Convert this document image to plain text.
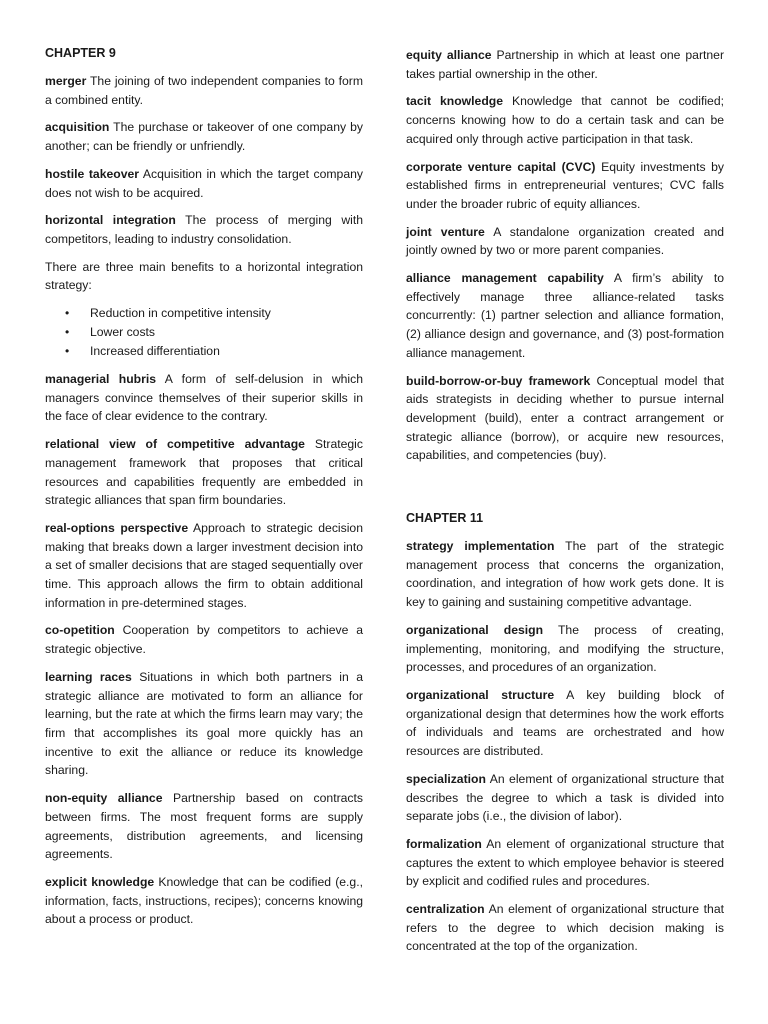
CHAPTER 9

merger The joining of two independent companies to form a combined entity.

acquisition The purchase or takeover of one company by another; can be friendly or unfriendly.

hostile takeover Acquisition in which the target company does not wish to be acquired.

horizontal integration The process of merging with competitors, leading to industry consolidation.

There are three main benefits to a horizontal integration strategy:

• Reduction in competitive intensity
• Lower costs
• Increased differentiation

managerial hubris A form of self-delusion in which managers convince themselves of their superior skills in the face of clear evidence to the contrary.

relational view of competitive advantage Strategic management framework that proposes that critical resources and capabilities frequently are embedded in strategic alliances that span firm boundaries.

real-options perspective Approach to strategic decision making that breaks down a larger investment decision into a set of smaller decisions that are staged sequentially over time. This approach allows the firm to obtain additional information in pre-determined stages.

co-opetition Cooperation by competitors to achieve a strategic objective.

learning races Situations in which both partners in a strategic alliance are motivated to form an alliance for learning, but the rate at which the firms learn may vary; the firm that accomplishes its goal more quickly has an incentive to exit the alliance or reduce its knowledge sharing.

non-equity alliance Partnership based on contracts between firms. The most frequent forms are supply agreements, distribution agreements, and licensing agreements.

explicit knowledge Knowledge that can be codified (e.g., information, facts, instructions, recipes); concerns knowing about a process or product.

equity alliance Partnership in which at least one partner takes partial ownership in the other.

tacit knowledge Knowledge that cannot be codified; concerns knowing how to do a certain task and can be acquired only through active participation in that task.

corporate venture capital (CVC) Equity investments by established firms in entrepreneurial ventures; CVC falls under the broader rubric of equity alliances.

joint venture A standalone organization created and jointly owned by two or more parent companies.

alliance management capability A firm’s ability to effectively manage three alliance-related tasks concurrently: (1) partner selection and alliance formation, (2) alliance design and governance, and (3) post-formation alliance management.

build-borrow-or-buy framework Conceptual model that aids strategists in deciding whether to pursue internal development (build), enter a contract arrangement or strategic alliance (borrow), or acquire new resources, capabilities, and competencies (buy).

CHAPTER 11

strategy implementation The part of the strategic management process that concerns the organization, coordination, and integration of how work gets done. It is key to gaining and sustaining competitive advantage.

organizational design The process of creating, implementing, monitoring, and modifying the structure, processes, and procedures of an organization.

organizational structure A key building block of organizational design that determines how the work efforts of individuals and teams are orchestrated and how resources are distributed.

specialization An element of organizational structure that describes the degree to which a task is divided into separate jobs (i.e., the division of labor).

formalization An element of organizational structure that captures the extent to which employee behavior is steered by explicit and codified rules and procedures.

centralization An element of organizational structure that refers to the degree to which decision making is concentrated at the top of the organization.
